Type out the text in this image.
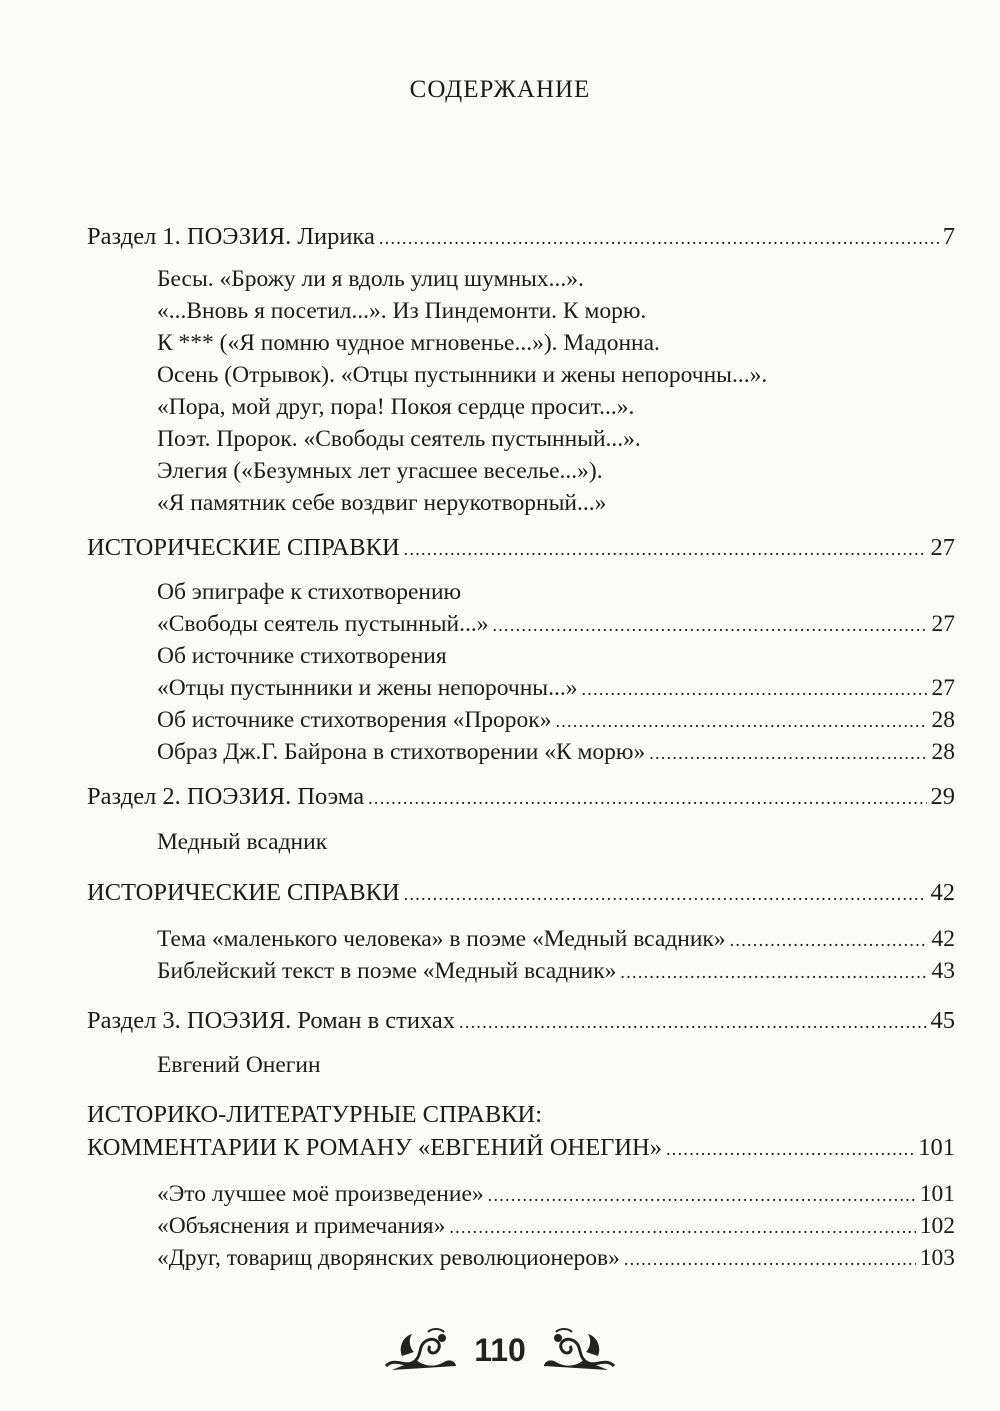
СОДЕРЖАНИЕ
Раздел 1. ПОЭЗИЯ. Лирика . . .	7
Бесы. «Брожу ли я вдоль улиц шумных...».
«...Вновь я посетил...». Из Пиндемонти. К морю.
К *** («Я помню чудное мгновенье...»). Мадонна.
Осень (Отрывок). «Отцы пустынники и жены непорочны...».
«Пора, мой друг, пора! Покоя сердце просит...».
Поэт. Пророк. «Свободы сеятель пустынный...».
Элегия («Безумных лет угасшее веселье...»).
«Я памятник себе воздвиг нерукотворный...»
ИСТОРИЧЕСКИЕ СПРАВКИ . . .	27
Об эпиграфе к стихотворению
«Свободы сеятель пустынный...» . . .	27
Об источнике стихотворения
«Отцы пустынники и жены непорочны...» . . .	27
Об источнике стихотворения «Пророк» . . .	28
Образ Дж.Г. Байрона в стихотворении «К морю» . . .	28
Раздел 2. ПОЭЗИЯ. Поэма . . .	29
Медный всадник
ИСТОРИЧЕСКИЕ СПРАВКИ . . .	42
Тема «маленького человека» в поэме «Медный всадник» . . .	42
Библейский текст в поэме «Медный всадник» . . .	43
Раздел 3. ПОЭЗИЯ. Роман в стихах . . .	45
Евгений Онегин
ИСТОРИКО-ЛИТЕРАТУРНЫЕ СПРАВКИ:
КОММЕНТАРИИ К РОМАНУ «ЕВГЕНИЙ ОНЕГИН» . . .	101
«Это лучшее моё произведение» . . .	101
«Объяснения и примечания» . . .	102
«Друг, товарищ дворянских революционеров» . . .	103
110
